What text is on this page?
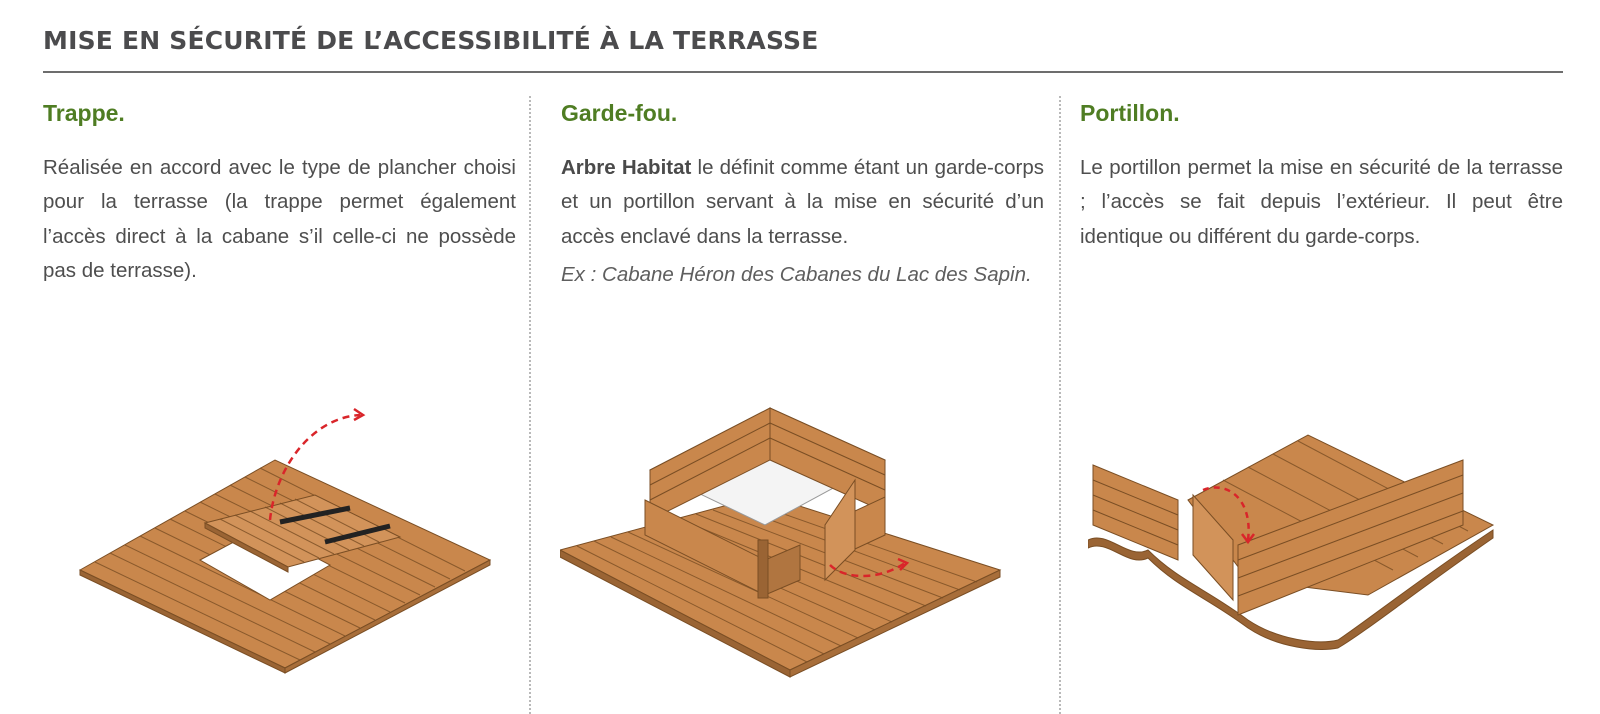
MISE EN SÉCURITÉ DE L’ACCESSIBILITÉ À LA TERRASSE
Trappe.

Réalisée en accord avec le type de plancher choisi pour la terrasse (la trappe permet également l’accès direct à la cabane s’il celle-ci ne possède pas de terrasse).

Garde-fou.

Arbre Habitat le définit comme étant un garde-corps et un portillon servant à la mise en sécurité d’un accès enclavé dans la terrasse.

Ex : Cabane Héron des Cabanes du Lac des Sapin.

Portillon.

Le portillon permet la mise en sécurité de la terrasse ; l’accès se fait depuis l’extérieur. Il peut être identique ou différent du garde-corps.
